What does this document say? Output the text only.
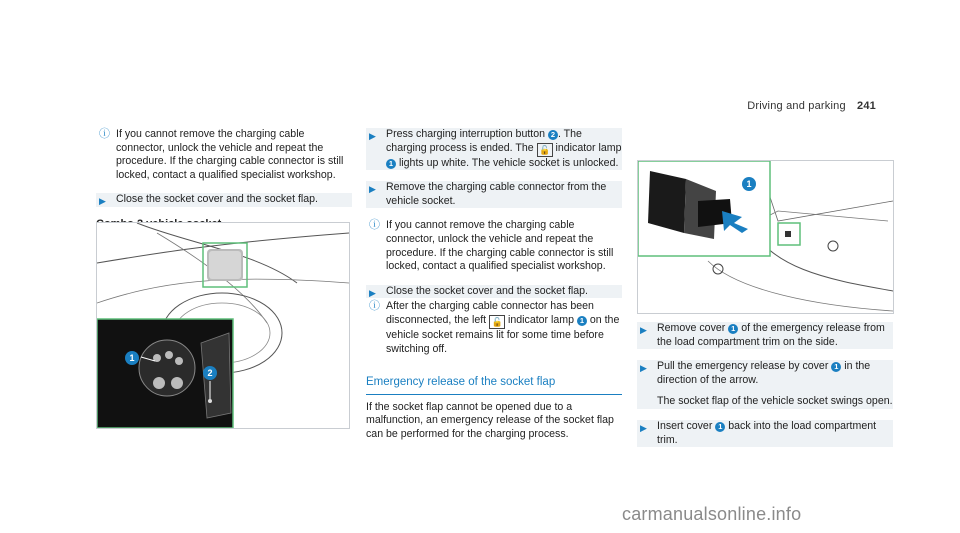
Driving and parking 241
ⓘ If you cannot remove the charging cable connector, unlock the vehicle and repeat the procedure. If the charging cable connector is still locked, contact a qualified specialist workshop.
▶ Close the socket cover and the socket flap.
1
2
▶ Press charging interruption button 2 . The charging process is ended. The 🔓 indicator lamp 1 lights up white. The vehicle socket is unlocked.
▶ Remove the charging cable connector from the vehicle socket.
ⓘ If you cannot remove the charging cable connector, unlock the vehicle and repeat the procedure. If the charging cable connector is still locked, contact a qualified specialist workshop.
▶ Close the socket cover and the socket flap.
ⓘ After the charging cable connector has been disconnected, the left 🔓 indicator lamp 1 on the vehicle socket remains lit for some time before switching off.
Emergency release of the socket flap
If the socket flap cannot be opened due to a malfunction, an emergency release of the socket flap can be performed for the charging process.
1
▶ Remove cover 1 of the emergency release from the load compartment trim on the side.
▶ Pull the emergency release by cover 1 in the direction of the arrow.
The socket flap of the vehicle socket swings open.
▶ Insert cover 1 back into the load compartment trim.
carmanualsonline.info
